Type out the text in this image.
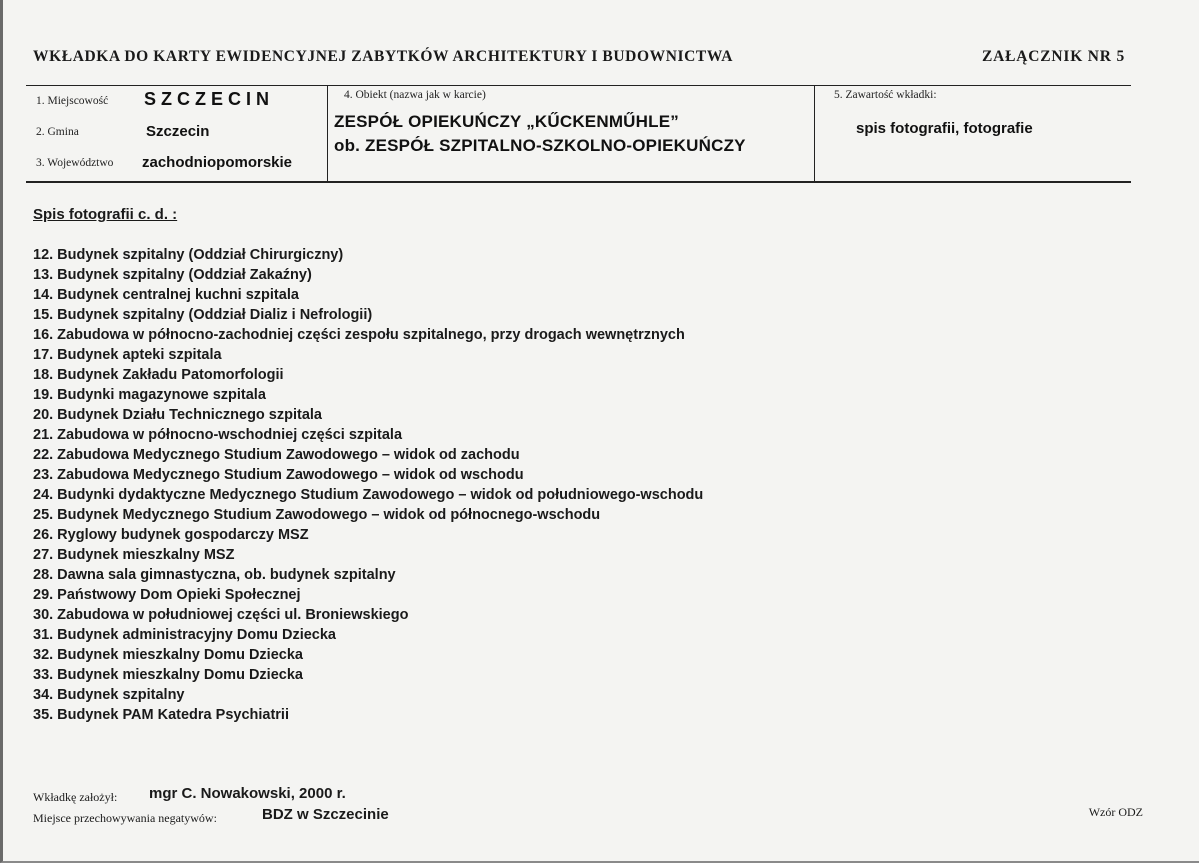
WKŁADKA DO KARTY EWIDENCYJNEJ ZABYTKÓW ARCHITEKTURY I BUDOWNICTWA	ZAŁĄCZNIK NR 5
1. Miejscowość SZCZECIN
2. Gmina	Szczecin
3. Województwo zachodniopomorskie
4. Obiekt (nazwa jak w karcie)
ZESPÓŁ OPIEKUŃCZY „KŰCKENMŰHLE”
ob. ZESPÓŁ SZPITALNO-SZKOLNO-OPIEKUŃCZY
5. Zawartość wkładki:
spis fotografii, fotografie
Spis fotografii c. d. :
12. Budynek szpitalny (Oddział Chirurgiczny)
13. Budynek szpitalny (Oddział Zakaźny)
14. Budynek centralnej kuchni szpitala
15. Budynek szpitalny (Oddział Dializ i Nefrologii)
16. Zabudowa w północno-zachodniej części zespołu szpitalnego, przy drogach wewnętrznych
17. Budynek apteki szpitala
18. Budynek Zakładu Patomorfologii
19. Budynki magazynowe szpitala
20. Budynek Działu Technicznego szpitala
21. Zabudowa w północno-wschodniej części szpitala
22. Zabudowa Medycznego Studium Zawodowego – widok od zachodu
23. Zabudowa Medycznego Studium Zawodowego – widok od wschodu
24. Budynki dydaktyczne Medycznego Studium Zawodowego – widok od południowego-wschodu
25. Budynek Medycznego Studium Zawodowego – widok od północnego-wschodu
26. Ryglowy budynek gospodarczy MSZ
27. Budynek mieszkalny MSZ
28. Dawna sala gimnastyczna, ob. budynek szpitalny
29. Państwowy Dom Opieki Społecznej
30. Zabudowa w południowej części ul. Broniewskiego
31. Budynek administracyjny Domu Dziecka
32. Budynek mieszkalny Domu Dziecka
33. Budynek mieszkalny Domu Dziecka
34. Budynek szpitalny
35. Budynek PAM Katedra Psychiatrii
Wkładkę założył: mgr C. Nowakowski, 2000 r.
Miejsce przechowywania negatywów:	BDZ w Szczecinie	Wzór ODZ
